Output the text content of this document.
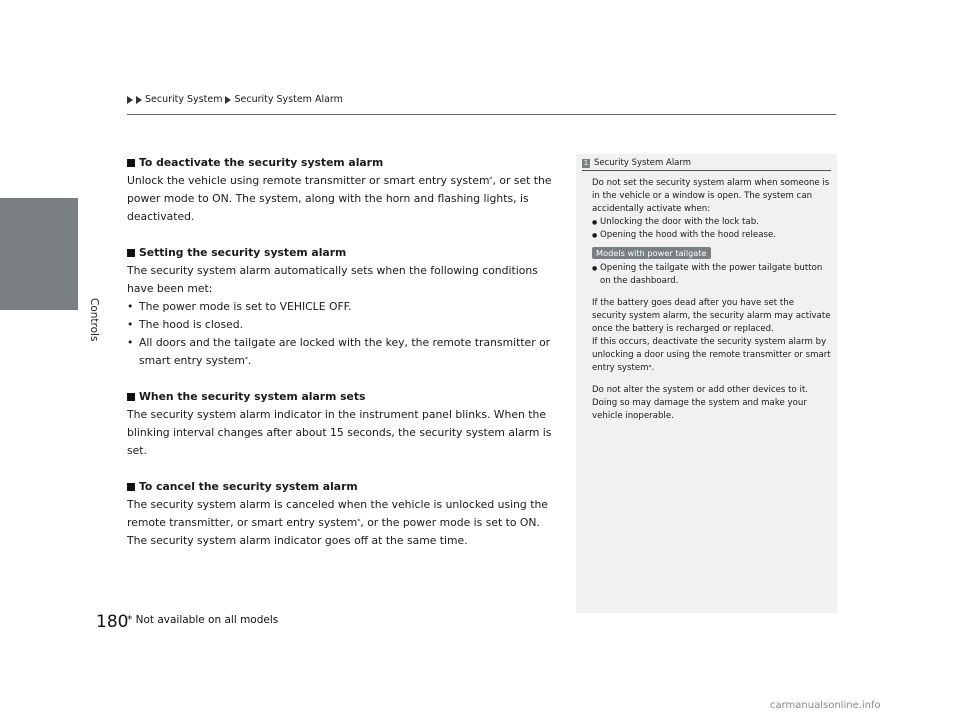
Controls
Security System Security System Alarm
To deactivate the security system alarm

Unlock the vehicle using remote transmitter or smart entry system*, or set the power mode to ON. The system, along with the horn and flashing lights, is deactivated.

Setting the security system alarm

The security system alarm automatically sets when the following conditions have been met:

• The power mode is set to VEHICLE OFF.
• The hood is closed.
• All doors and the tailgate are locked with the key, the remote transmitter or smart entry system*.
When the security system alarm sets

The security system alarm indicator in the instrument panel blinks. When the blinking interval changes after about 15 seconds, the security system alarm is set.

To cancel the security system alarm

The security system alarm is canceled when the vehicle is unlocked using the remote transmitter, or smart entry system*, or the power mode is set to ON. The security system alarm indicator goes off at the same time.

1 Security System Alarm

Do not set the security system alarm when someone is in the vehicle or a window is open. The system can accidentally activate when:

● Unlocking the door with the lock tab.

● Opening the hood with the hood release.

Models with power tailgate

● Opening the tailgate with the power tailgate button on the dashboard.

If the battery goes dead after you have set the security system alarm, the security alarm may activate once the battery is recharged or replaced.

If this occurs, deactivate the security system alarm by unlocking a door using the remote transmitter or smart entry system*.

Do not alter the system or add other devices to it. Doing so may damage the system and make your vehicle inoperable.

180
* Not available on all models
carmanualsonline.info
